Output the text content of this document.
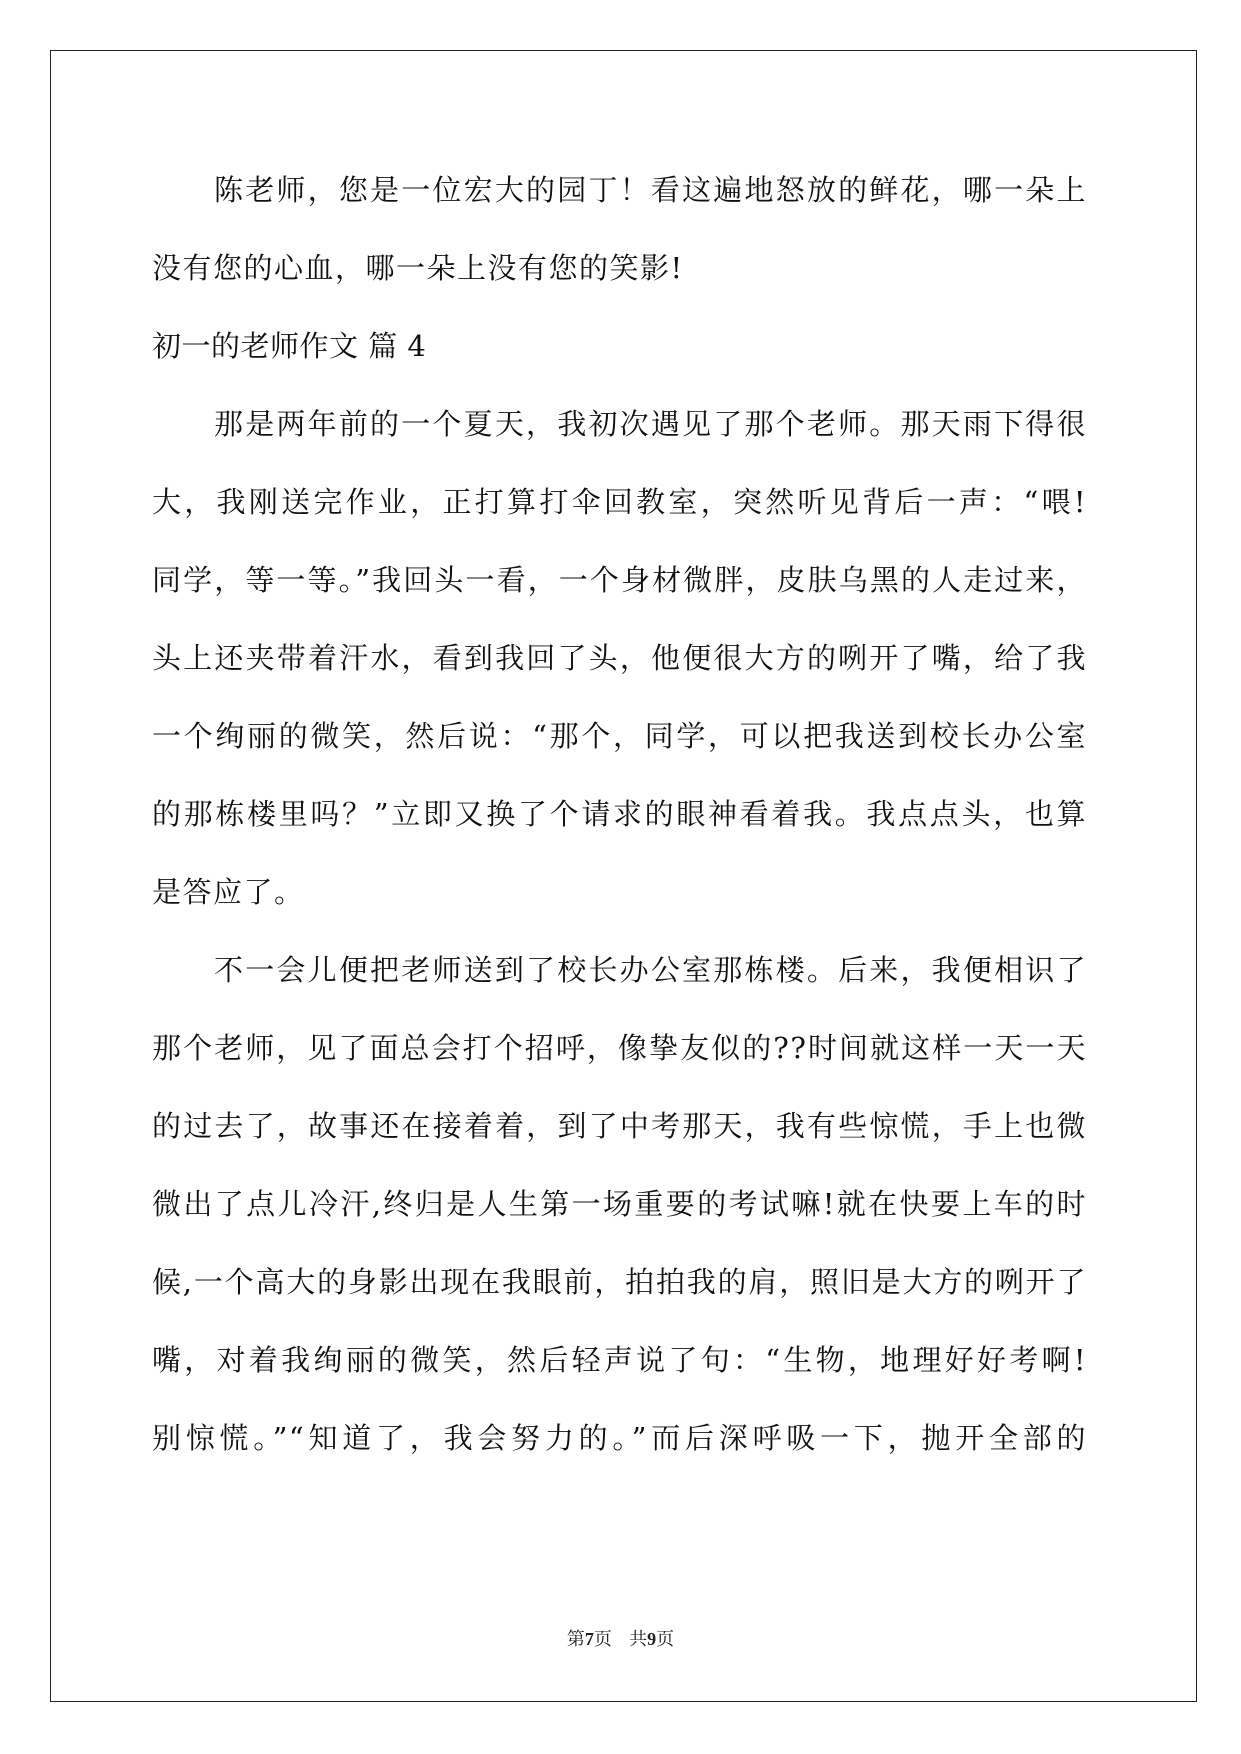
陈老师，您是一位宏大的园丁！看这遍地怒放的鲜花，哪一朵上
没有您的心血，哪一朵上没有您的笑影!
初一的老师作文 篇 4
那是两年前的一个夏天，我初次遇见了那个老师。那天雨下得很
大，我刚送完作业，正打算打伞回教室，突然听见背后一声：“喂!
同学，等一等。”我回头一看，一个身材微胖，皮肤乌黑的人走过来，
头上还夹带着汗水，看到我回了头，他便很大方的咧开了嘴，给了我
一个绚丽的微笑，然后说：“那个，同学，可以把我送到校长办公室
的那栋楼里吗？”立即又换了个请求的眼神看着我。我点点头，也算
是答应了。
不一会儿便把老师送到了校长办公室那栋楼。后来，我便相识了
那个老师，见了面总会打个招呼，像挚友似的??时间就这样一天一天
的过去了，故事还在接着着，到了中考那天，我有些惊慌，手上也微
微出了点儿冷汗,终归是人生第一场重要的考试嘛!就在快要上车的时
候,一个高大的身影出现在我眼前，拍拍我的肩，照旧是大方的咧开了
嘴，对着我绚丽的微笑，然后轻声说了句：“生物，地理好好考啊!
别惊慌。”“知道了，我会努力的。”而后深呼吸一下，抛开全部的
第7页 共9页
